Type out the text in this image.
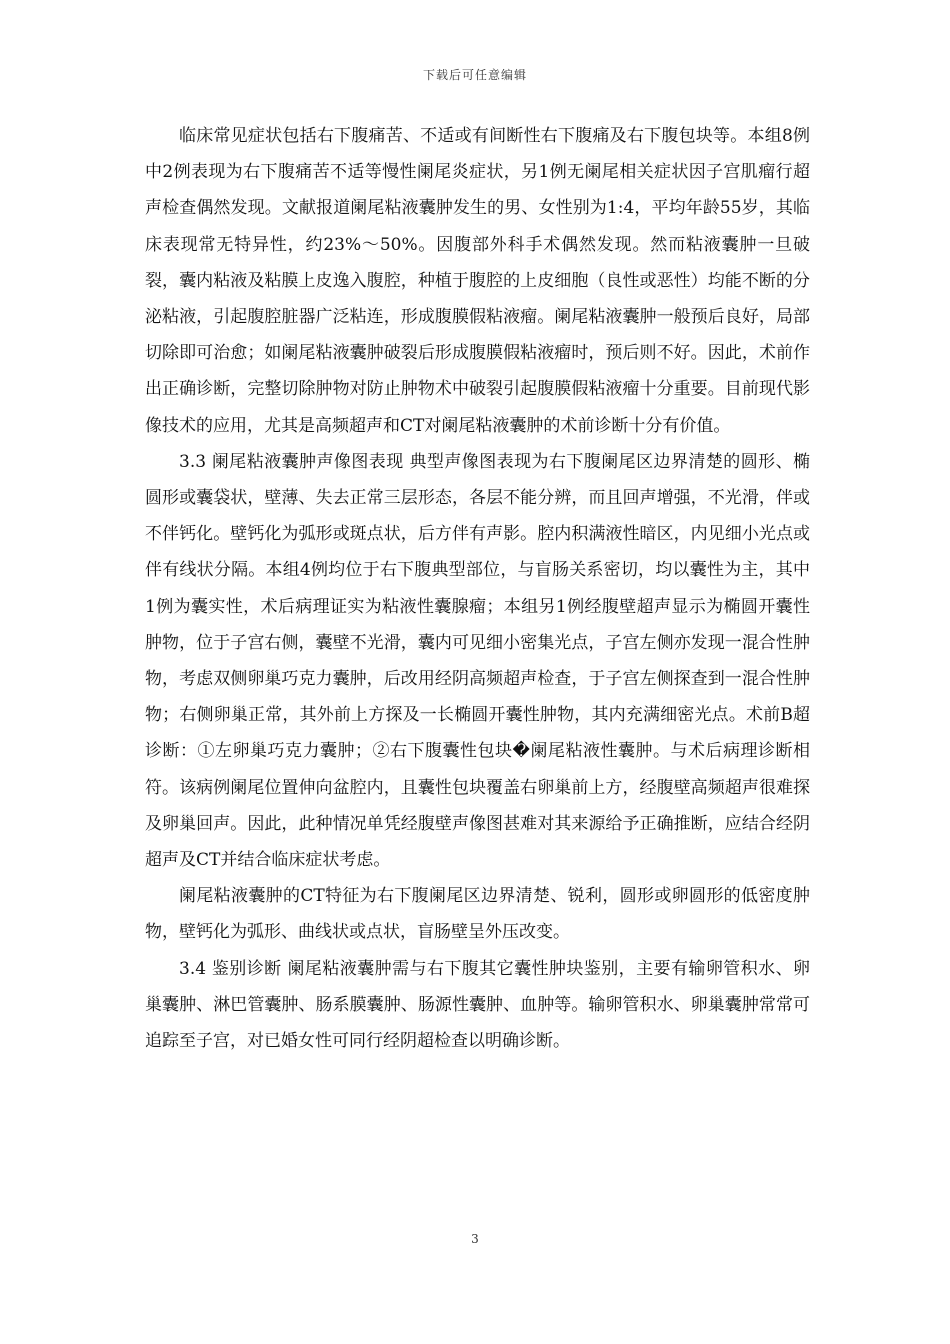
下载后可任意编辑

临床常见症状包括右下腹痛苦、不适或有间断性右下腹痛及右下腹包块等。本组8例中2例表现为右下腹痛苦不适等慢性阑尾炎症状，另1例无阑尾相关症状因子宫肌瘤行超声检查偶然发现。文献报道阑尾粘液囊肿发生的男、女性别为1:4，平均年龄55岁，其临床表现常无特异性，约23%～50%。因腹部外科手术偶然发现。然而粘液囊肿一旦破裂，囊内粘液及粘膜上皮逸入腹腔，种植于腹腔的上皮细胞（良性或恶性）均能不断的分泌粘液，引起腹腔脏器广泛粘连，形成腹膜假粘液瘤。阑尾粘液囊肿一般预后良好，局部切除即可治愈；如阑尾粘液囊肿破裂后形成腹膜假粘液瘤时，预后则不好。因此，术前作出正确诊断，完整切除肿物对防止肿物术中破裂引起腹膜假粘液瘤十分重要。目前现代影像技术的应用，尤其是高频超声和CT对阑尾粘液囊肿的术前诊断十分有价值。

3.3 阑尾粘液囊肿声像图表现 典型声像图表现为右下腹阑尾区边界清楚的圆形、椭圆形或囊袋状，壁薄、失去正常三层形态，各层不能分辨，而且回声增强，不光滑，伴或不伴钙化。壁钙化为弧形或斑点状，后方伴有声影。腔内积满液性暗区，内见细小光点或伴有线状分隔。本组4例均位于右下腹典型部位，与盲肠关系密切，均以囊性为主，其中1例为囊实性，术后病理证实为粘液性囊腺瘤；本组另1例经腹壁超声显示为椭圆开囊性肿物，位于子宫右侧，囊壁不光滑，囊内可见细小密集光点，子宫左侧亦发现一混合性肿物，考虑双侧卵巢巧克力囊肿，后改用经阴高频超声检查，于子宫左侧探查到一混合性肿物；右侧卵巢正常，其外前上方探及一长椭圆开囊性肿物，其内充满细密光点。术前B超诊断：①左卵巢巧克力囊肿；②右下腹囊性包块�阑尾粘液性囊肿。与术后病理诊断相符。该病例阑尾位置伸向盆腔内，且囊性包块覆盖右卵巢前上方，经腹壁高频超声很难探及卵巢回声。因此，此种情况单凭经腹壁声像图甚难对其来源给予正确推断，应结合经阴超声及CT并结合临床症状考虑。

阑尾粘液囊肿的CT特征为右下腹阑尾区边界清楚、锐利，圆形或卵圆形的低密度肿物，壁钙化为弧形、曲线状或点状，盲肠壁呈外压改变。

3.4 鉴别诊断 阑尾粘液囊肿需与右下腹其它囊性肿块鉴别，主要有输卵管积水、卵巢囊肿、淋巴管囊肿、肠系膜囊肿、肠源性囊肿、血肿等。输卵管积水、卵巢囊肿常常可追踪至子宫，对已婚女性可同行经阴超检查以明确诊断。

3
